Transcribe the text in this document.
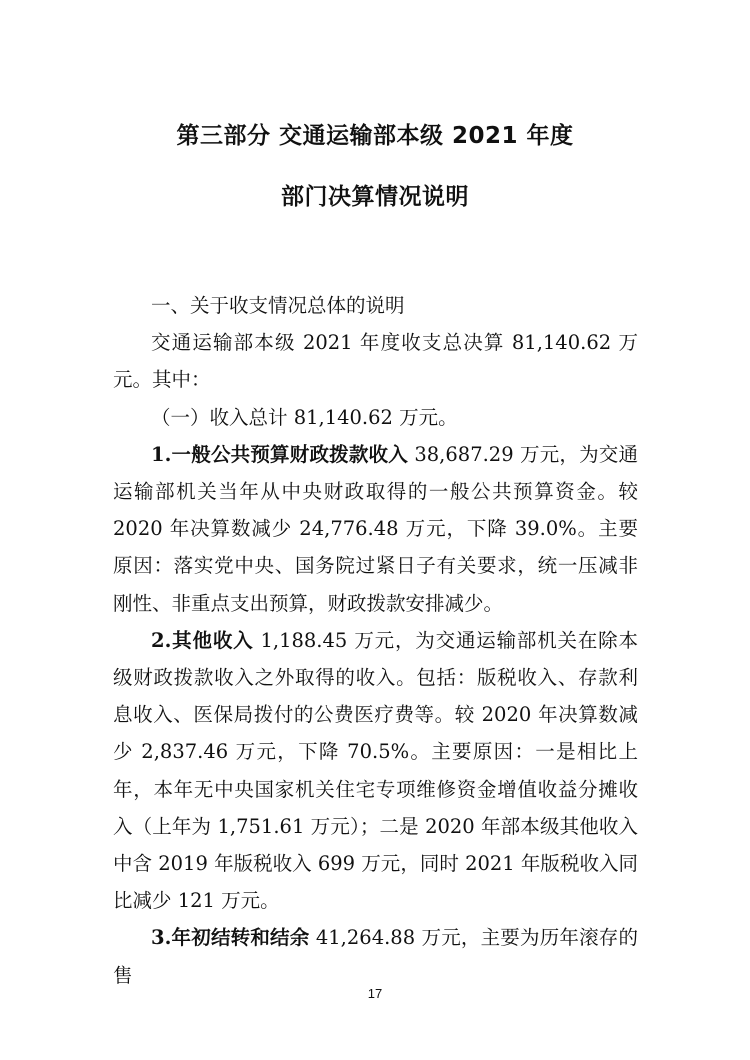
第三部分 交通运输部本级 2021 年度
部门决算情况说明

一、关于收支情况总体的说明

交通运输部本级 2021 年度收支总决算 81,140.62 万元。其中：

（一）收入总计 81,140.62 万元。

1.一般公共预算财政拨款收入 38,687.29 万元，为交通运输部机关当年从中央财政取得的一般公共预算资金。较 2020 年决算数减少 24,776.48 万元，下降 39.0%。主要原因：落实党中央、国务院过紧日子有关要求，统一压减非刚性、非重点支出预算，财政拨款安排减少。

2.其他收入 1,188.45 万元，为交通运输部机关在除本级财政拨款收入之外取得的收入。包括：版税收入、存款利息收入、医保局拨付的公费医疗费等。较 2020 年决算数减少 2,837.46 万元，下降 70.5%。主要原因：一是相比上年，本年无中央国家机关住宅专项维修资金增值收益分摊收入（上年为 1,751.61 万元）；二是 2020 年部本级其他收入中含 2019 年版税收入 699 万元，同时 2021 年版税收入同比减少 121 万元。

3.年初结转和结余 41,264.88 万元，主要为历年滚存的售

17
